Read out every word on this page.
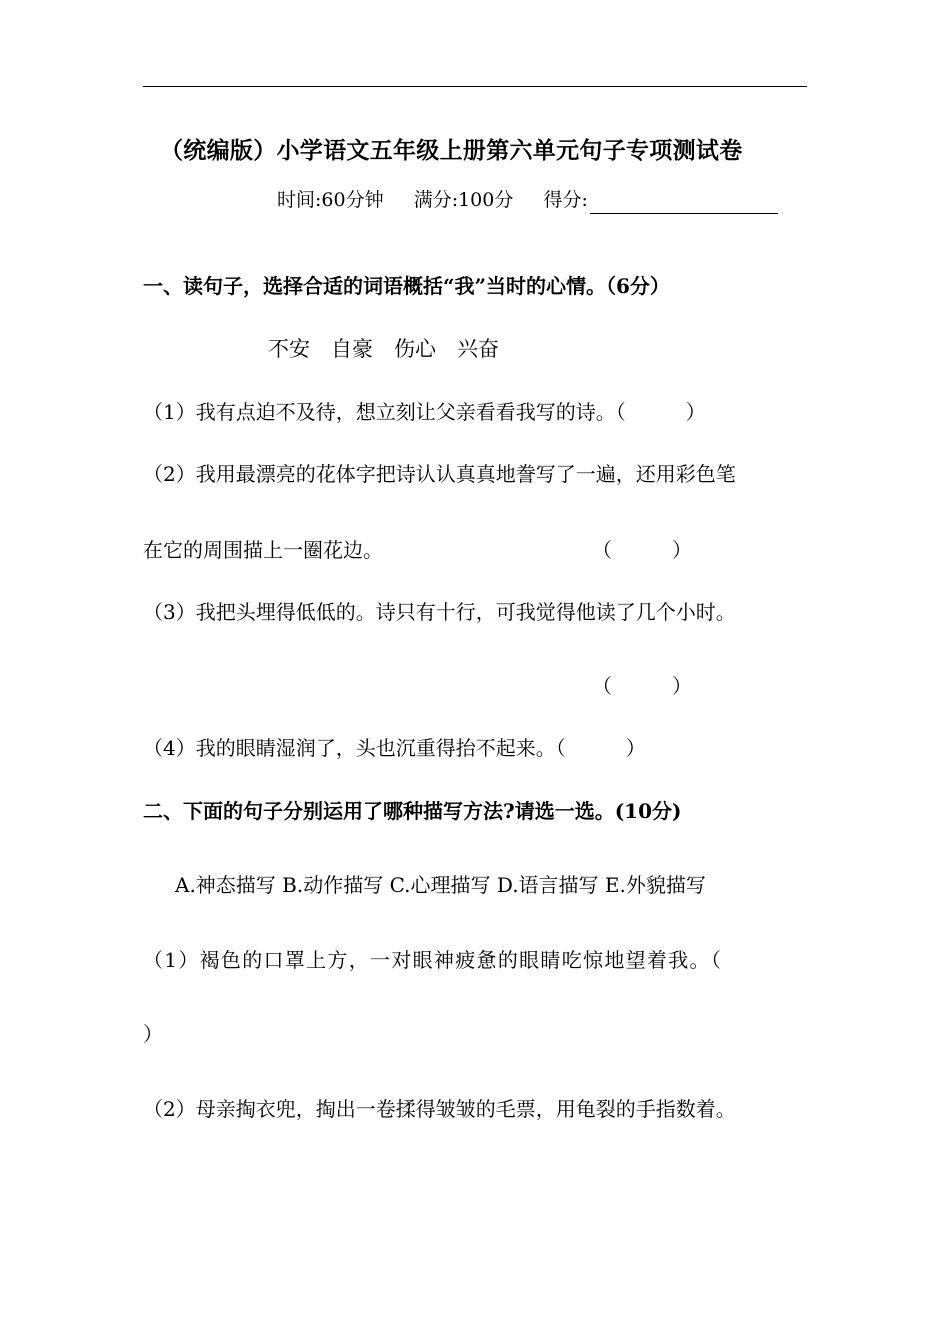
（统编版）小学语文五年级上册第六单元句子专项测试卷
时间:60分钟 满分:100分 得分:
一、读句子，选择合适的词语概括“我”当时的心情。（6分）
不安　自豪　伤心　兴奋
（1）我有点迫不及待，想立刻让父亲看看我写的诗。（　　　）
（2）我用最漂亮的花体字把诗认认真真地誊写了一遍，还用彩色笔
在它的周围描上一圈花边。	（　　　）
（3）我把头埋得低低的。诗只有十行，可我觉得他读了几个小时。
（　　　）
（4）我的眼睛湿润了，头也沉重得抬不起来。（　　　）
二、下面的句子分别运用了哪种描写方法?请选一选。(10分)
A.神态描写 B.动作描写 C.心理描写 D.语言描写 E.外貌描写
（1）褐色的口罩上方，一对眼神疲惫的眼睛吃惊地望着我。（
）
（2）母亲掏衣兜，掏出一卷揉得皱皱的毛票，用龟裂的手指数着。
